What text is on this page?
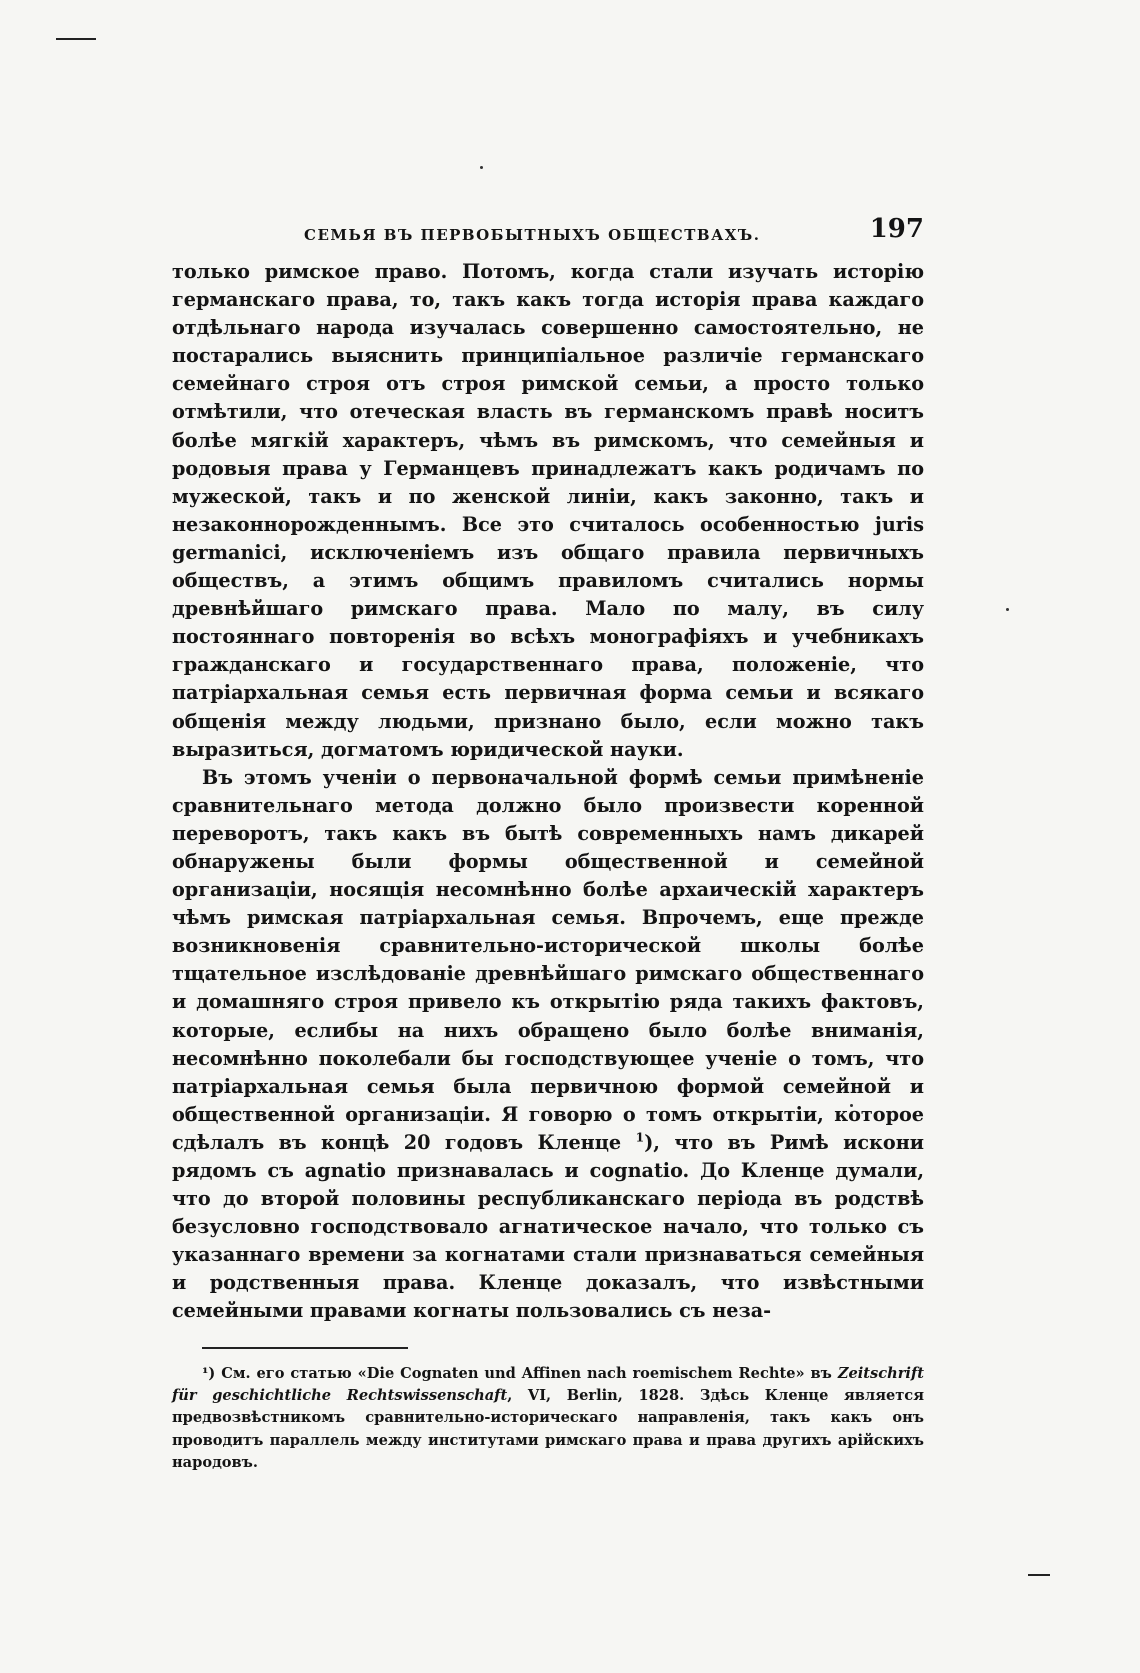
СЕМЬЯ ВЪ ПЕРВОБЫТНЫХЪ ОБЩЕСТВАХЪ.	197

только римское право. Потомъ, когда стали изучать исторію германскаго права, то, такъ какъ тогда исторія права каждаго отдѣльнаго народа изучалась совершенно самостоятельно, не постарались выяснить принципіальное различіе германскаго семейнаго строя отъ строя римской семьи, а просто только отмѣтили, что отеческая власть въ германскомъ правѣ носитъ болѣе мягкій характеръ, чѣмъ въ римскомъ, что семейныя и родовыя права у Германцевъ принадлежатъ какъ родичамъ по мужеской, такъ и по женской линіи, какъ законно, такъ и незаконнорожденнымъ. Все это считалось особенностью juris germanici, исключеніемъ изъ общаго правила первичныхъ обществъ, а этимъ общимъ правиломъ считались нормы древнѣйшаго римскаго права. Мало по малу, въ силу постояннаго повторенія во всѣхъ монографіяхъ и учебникахъ гражданскаго и государственнаго права, положеніе, что патріархальная семья есть первичная форма семьи и всякаго общенія между людьми, признано было, если можно такъ выразиться, догматомъ юридической науки.

Въ этомъ ученіи о первоначальной формѣ семьи примѣненіе сравнительнаго метода должно было произвести коренной переворотъ, такъ какъ въ бытѣ современныхъ намъ дикарей обнаружены были формы общественной и семейной организаціи, носящія несомнѣнно болѣе архаическій характеръ чѣмъ римская патріархальная семья. Впрочемъ, еще прежде возникновенія сравнительно-исторической школы болѣе тщательное изслѣдованіе древнѣйшаго римскаго общественнаго и домашняго строя привело къ открытію ряда такихъ фактовъ, которые, еслибы на нихъ обращено было болѣе вниманія, несомнѣнно поколебали бы господствующее ученіе о томъ, что патріархальная семья была первичною формой семейной и общественной организаціи. Я говорю о томъ открытіи, которое сдѣлалъ въ концѣ 20 годовъ Кленце $^1$), что въ Римѣ искони рядомъ съ agnatio признавалась и cognatio. До Кленце думали, что до второй половины республиканскаго періода въ родствѣ безусловно господствовало агнатическое начало, что только съ указаннаго времени за когнатами стали признаваться семейныя и родственныя права. Кленце доказалъ, что извѣстными семейными правами когнаты пользовались съ неза-

¹) См. его статью «Die Cognaten und Affinen nach roemischem Rechte» въ Zeitschrift für geschichtliche Rechtswissenschaft, VI, Berlin, 1828. Здѣсь Кленце является предвозвѣстникомъ сравнительно-историческаго направленія, такъ какъ онъ проводитъ параллель между институтами римскаго права и права другихъ арійскихъ народовъ.
